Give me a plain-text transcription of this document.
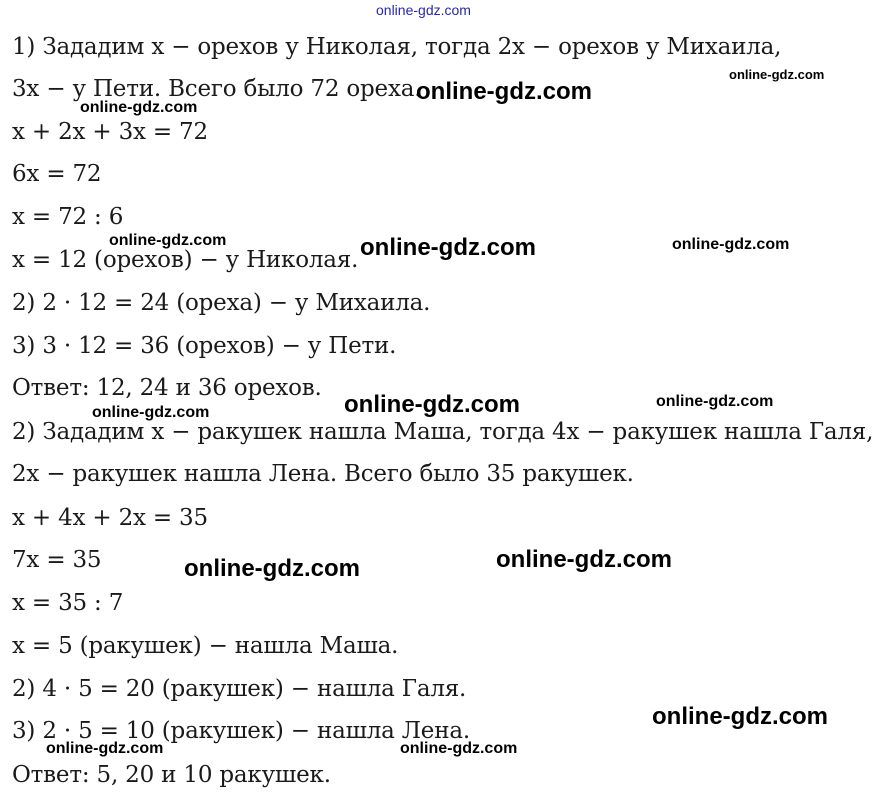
online-gdz.com
1) Зададим x − орехов у Николая, тогда 2x − орехов у Михаила,
3x − у Пети. Всего было 72 ореха.
x + 2x + 3x = 72
6x = 72
x = 72 : 6
x = 12 (орехов) − у Николая.
2) 2 · 12 = 24 (ореха) − у Михаила.
3) 3 · 12 = 36 (орехов) − у Пети.
Ответ: 12, 24 и 36 орехов.
2) Зададим x − ракушек нашла Маша, тогда 4x − ракушек нашла Галя,
2x − ракушек нашла Лена. Всего было 35 ракушек.
x + 4x + 2x = 35
7x = 35
x = 35 : 7
x = 5 (ракушек) − нашла Маша.
2) 4 · 5 = 20 (ракушек) − нашла Галя.
3) 2 · 5 = 10 (ракушек) − нашла Лена.
Ответ: 5, 20 и 10 ракушек.
online-gdz.com
online-gdz.com
online-gdz.com
online-gdz.com	online-gdz.com	online-gdz.com
online-gdz.com	online-gdz.com
online-gdz.com
online-gdz.com
online-gdz.com
online-gdz.com
online-gdz.com	online-gdz.com
